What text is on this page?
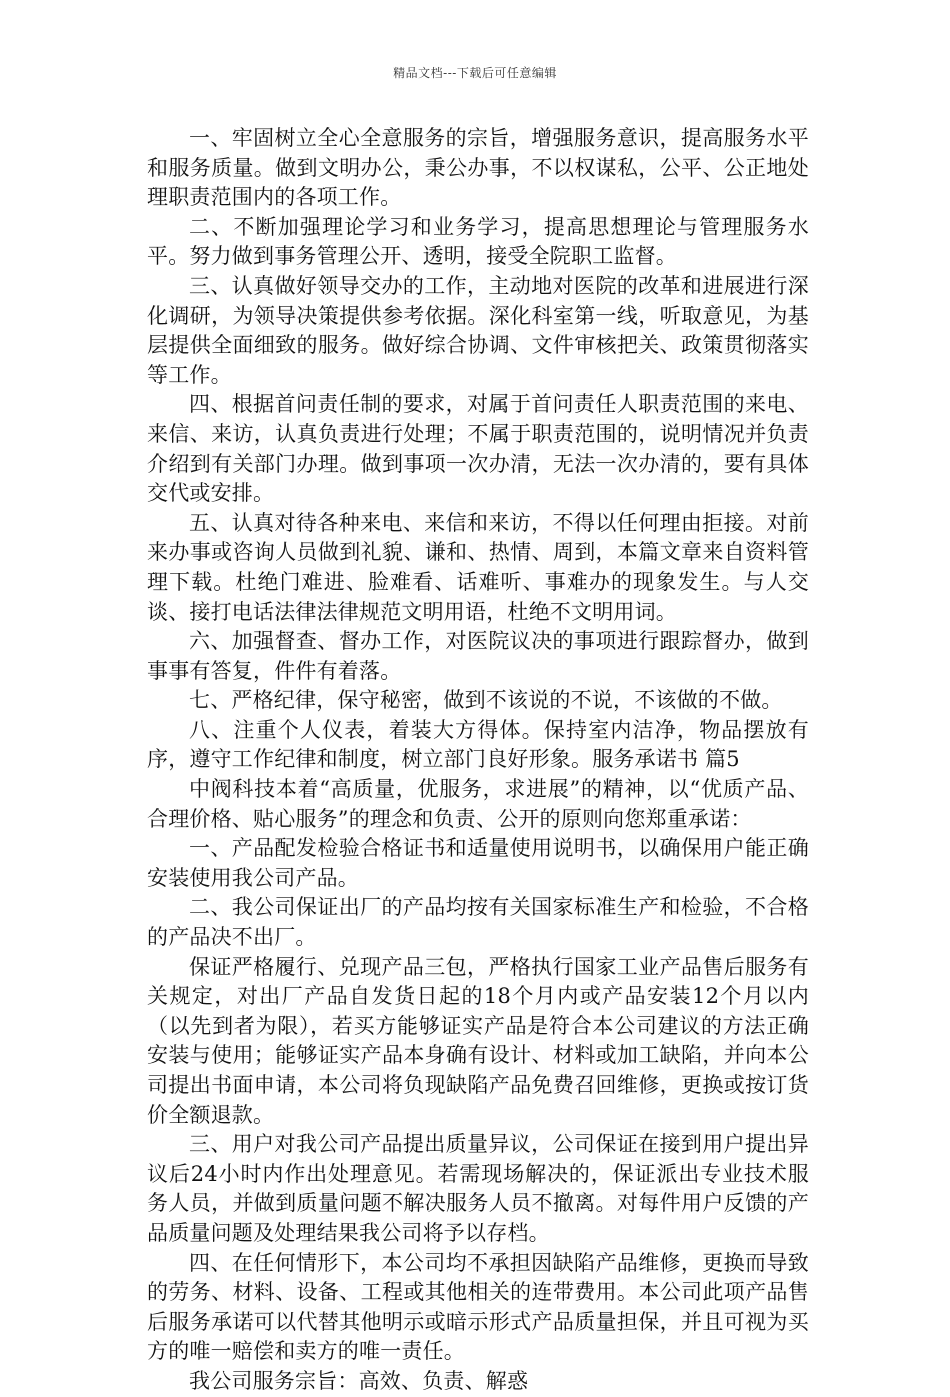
精品文档---下载后可任意编辑

一、牢固树立全心全意服务的宗旨，增强服务意识，提高服务水平和服务质量。做到文明办公，秉公办事，不以权谋私，公平、公正地处理职责范围内的各项工作。

二、不断加强理论学习和业务学习，提高思想理论与管理服务水平。努力做到事务管理公开、透明，接受全院职工监督。

三、认真做好领导交办的工作，主动地对医院的改革和进展进行深化调研，为领导决策提供参考依据。深化科室第一线，听取意见，为基层提供全面细致的服务。做好综合协调、文件审核把关、政策贯彻落实等工作。

四、根据首问责任制的要求，对属于首问责任人职责范围的来电、来信、来访，认真负责进行处理；不属于职责范围的，说明情况并负责介绍到有关部门办理。做到事项一次办清，无法一次办清的，要有具体交代或安排。

五、认真对待各种来电、来信和来访，不得以任何理由拒接。对前来办事或咨询人员做到礼貌、谦和、热情、周到，本篇文章来自资料管理下载。杜绝门难进、脸难看、话难听、事难办的现象发生。与人交谈、接打电话法律法律规范文明用语，杜绝不文明用词。

六、加强督查、督办工作，对医院议决的事项进行跟踪督办，做到事事有答复，件件有着落。

七、严格纪律，保守秘密，做到不该说的不说，不该做的不做。

八、注重个人仪表，着装大方得体。保持室内洁净，物品摆放有序，遵守工作纪律和制度，树立部门良好形象。服务承诺书 篇5

中阀科技本着“高质量，优服务，求进展”的精神，以“优质产品、合理价格、贴心服务”的理念和负责、公开的原则向您郑重承诺：

一、产品配发检验合格证书和适量使用说明书，以确保用户能正确安装使用我公司产品。

二、我公司保证出厂的产品均按有关国家标准生产和检验，不合格的产品决不出厂。

保证严格履行、兑现产品三包，严格执行国家工业产品售后服务有关规定，对出厂产品自发货日起的18个月内或产品安装12个月以内（以先到者为限），若买方能够证实产品是符合本公司建议的方法正确安装与使用；能够证实产品本身确有设计、材料或加工缺陷，并向本公司提出书面申请，本公司将负现缺陷产品免费召回维修，更换或按订货价全额退款。

三、用户对我公司产品提出质量异议，公司保证在接到用户提出异议后24小时内作出处理意见。若需现场解决的，保证派出专业技术服务人员，并做到质量问题不解决服务人员不撤离。对每件用户反馈的产品质量问题及处理结果我公司将予以存档。

四、在任何情形下，本公司均不承担因缺陷产品维修，更换而导致的劳务、材料、设备、工程或其他相关的连带费用。本公司此项产品售后服务承诺可以代替其他明示或暗示形式产品质量担保，并且可视为买方的唯一赔偿和卖方的唯一责任。

我公司服务宗旨：高效、负责、解惑
